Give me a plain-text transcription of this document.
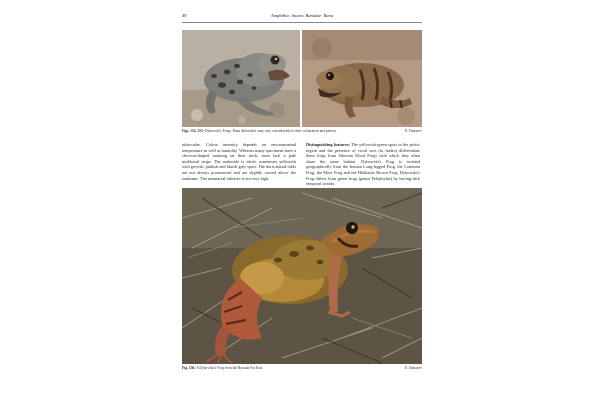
48	Amphibia: Anura: Ranidae: Rana
Figs. 154–155: Dybowski's Frogs, Rana dybowskii, may vary considerably in their colouration and pattern.	E. Dunayev
tuberculae. Colour intensity depends on environmental temperature as well as humidity. Whereas many specimens have a chevron-shaped marking on their neck, most lack a pale middorsal stripe. The underside is white, sometimes yellowish with greyish, pinkish and bluish-grey spots. The dorsolateral folds are not always pronounced and are slightly curved above the eardrums. The metatarsal tubercle is not very high.
Distinguishing features: The yellowish-green spots in the pelvic region and the presence of vocal sacs (in males) differentiate these frogs from Siberian Wood Frogs with which they often share the same habitat. Dybowski's Frog is isolated geographically from the Iranian Long-legged Frog, the Common Frog, the Moor Frog and the Hokkaido Brown Frog. Dybowski's Frog differs from green frogs (genus Pelophylax) by having dark temporal streaks.
Fig. 156: A Dybowski's Frog from the Russian Far East.	E. Dunayev
